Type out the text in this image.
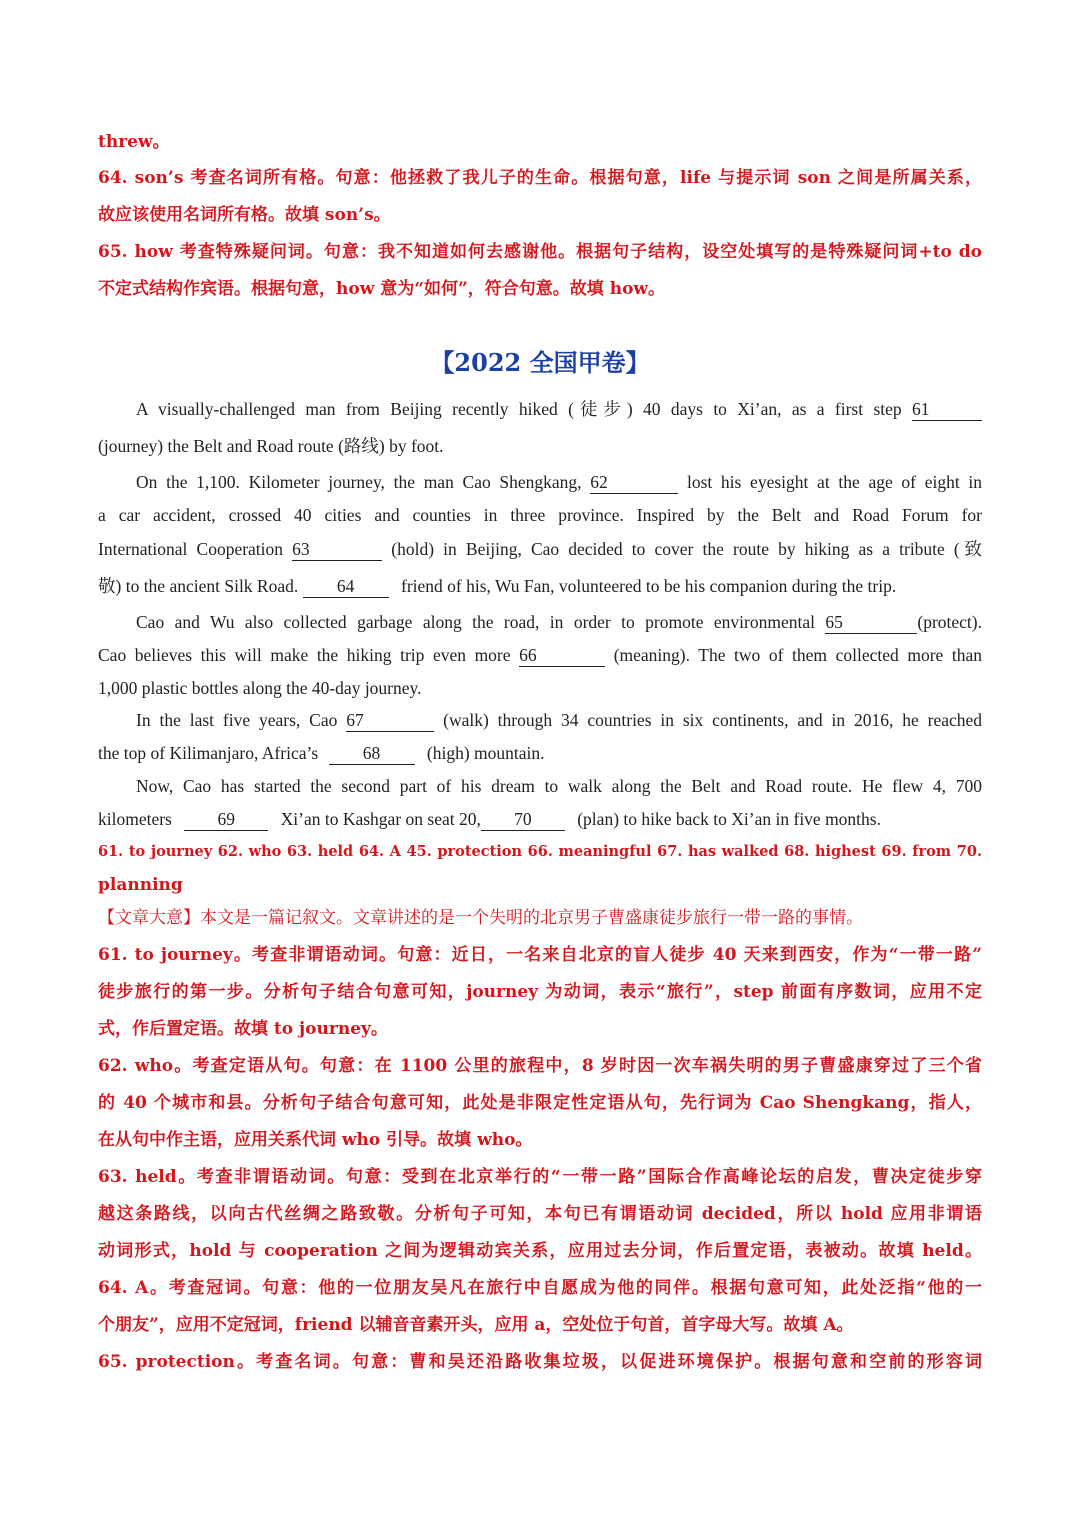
threw。

64. son’s 考查名词所有格。句意：他拯救了我儿子的生命。根据句意，life 与提示词 son 之间是所属关系，

故应该使用名词所有格。故填 son’s。

65. how 考查特殊疑问词。句意：我不知道如何去感谢他。根据句子结构，设空处填写的是特殊疑问词+to do

不定式结构作宾语。根据句意，how 意为“如何”，符合句意。故填 how。

【2022 全国甲卷】

A visually-challenged man from Beijing recently hiked (徒步) 40 days to Xi’an, as a first step 61

(journey) the Belt and Road route (路线) by foot.

On the 1,100. Kilometer journey, the man Cao Shengkang, 62	lost his eyesight at the age of eight in

a car accident, crossed 40 cities and counties in three province. Inspired by the Belt and Road Forum for

International Cooperation 63	(hold) in Beijing, Cao decided to cover the route by hiking as a tribute (致

敬) to the ancient Silk Road. 64	friend of his, Wu Fan, volunteered to be his companion during the trip.

Cao and Wu also collected garbage along the road, in order to promote environmental 65	(protect).

Cao believes this will make the hiking trip even more 66	(meaning). The two of them collected more than

1,000 plastic bottles along the 40-day journey.

In the last five years, Cao 67	(walk) through 34 countries in six continents, and in 2016, he reached

the top of Kilimanjaro, Africa’s	68	(high) mountain.

Now, Cao has started the second part of his dream to walk along the Belt and Road route. He flew 4, 700

kilometers	69	Xi’an to Kashgar on seat 20, 70	(plan) to hike back to Xi’an in five months.

61. to journey 62. who 63. held 64. A 45. protection 66. meaningful 67. has walked 68. highest 69. from 70.

planning

【文章大意】本文是一篇记叙文。文章讲述的是一个失明的北京男子曹盛康徒步旅行一带一路的事情。

61. to journey。考查非谓语动词。句意：近日，一名来自北京的盲人徒步 40 天来到西安，作为“一带一路”

徒步旅行的第一步。分析句子结合句意可知，journey 为动词，表示“旅行”，step 前面有序数词，应用不定

式，作后置定语。故填 to journey。

62. who。考查定语从句。句意：在 1100 公里的旅程中，8 岁时因一次车祸失明的男子曹盛康穿过了三个省

的 40 个城市和县。分析句子结合句意可知，此处是非限定性定语从句，先行词为 Cao Shengkang，指人，

在从句中作主语，应用关系代词 who 引导。故填 who。

63. held。考查非谓语动词。句意：受到在北京举行的“一带一路”国际合作高峰论坛的启发，曹决定徒步穿

越这条路线，以向古代丝绸之路致敬。分析句子可知，本句已有谓语动词 decided，所以 hold 应用非谓语

动词形式，hold 与 cooperation 之间为逻辑动宾关系，应用过去分词，作后置定语，表被动。故填 held。

64. A。考查冠词。句意：他的一位朋友吴凡在旅行中自愿成为他的同伴。根据句意可知，此处泛指“他的一

个朋友”，应用不定冠词，friend 以辅音音素开头，应用 a，空处位于句首，首字母大写。故填 A。

65. protection。考查名词。句意：曹和吴还沿路收集垃圾，以促进环境保护。根据句意和空前的形容词
